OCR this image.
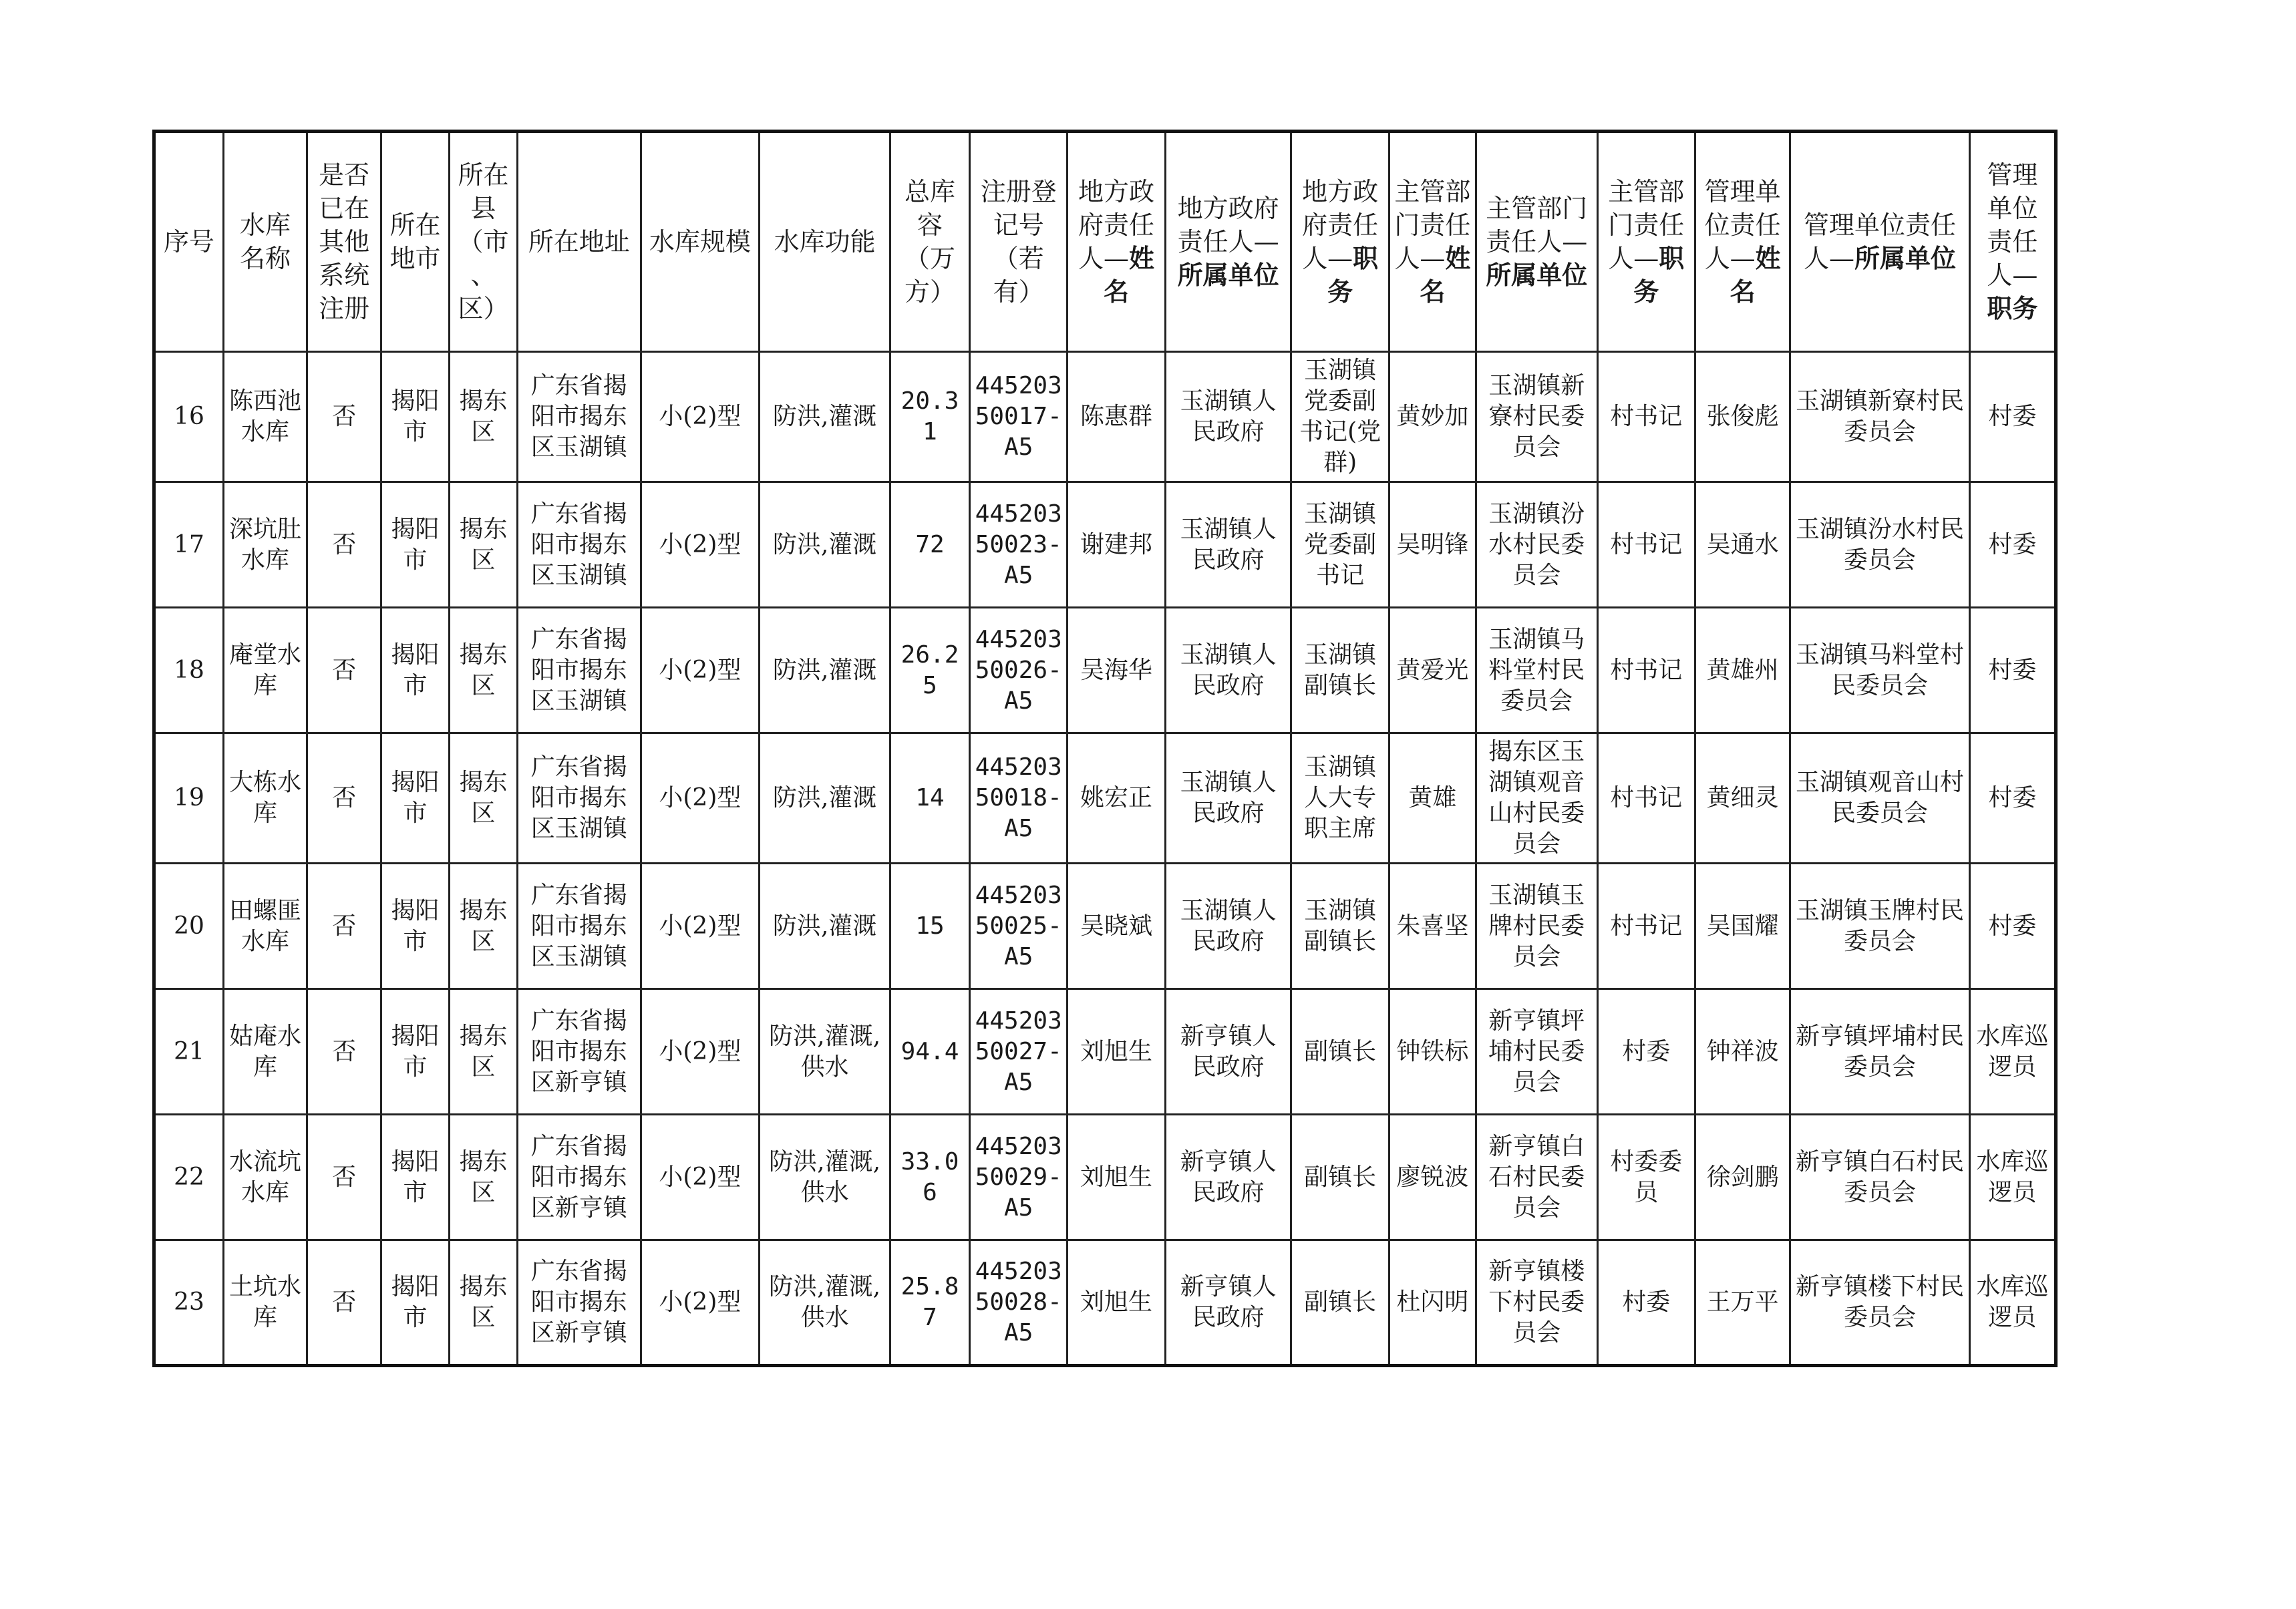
序号	水库名称	是否已在其他系统注册	所在地市	所在县（市、区）	所在地址	水库规模	水库功能	总库容（万方）	注册登记号（若有）	地方政府责任人—姓名	地方政府责任人—所属单位	地方政府责任人—职务	主管部门责任人—姓名	主管部门责任人—所属单位	主管部门责任人—职务	管理单位责任人—姓名	管理单位责任人—所属单位	管理单位责任人—职务
16	陈西池水库	否	揭阳市	揭东区	广东省揭阳市揭东区玉湖镇	小(2)型	防洪,灌溉	20.31	44520350017-A5	陈惠群	玉湖镇人民政府	玉湖镇党委副书记(党群)	黄妙加	玉湖镇新寮村民委员会	村书记	张俊彪	玉湖镇新寮村民委员会	村委
17	深坑肚水库	否	揭阳市	揭东区	广东省揭阳市揭东区玉湖镇	小(2)型	防洪,灌溉	72	44520350023-A5	谢建邦	玉湖镇人民政府	玉湖镇党委副书记	吴明锋	玉湖镇汾水村民委员会	村书记	吴通水	玉湖镇汾水村民委员会	村委
18	庵堂水库	否	揭阳市	揭东区	广东省揭阳市揭东区玉湖镇	小(2)型	防洪,灌溉	26.25	44520350026-A5	吴海华	玉湖镇人民政府	玉湖镇副镇长	黄爱光	玉湖镇马料堂村民委员会	村书记	黄雄州	玉湖镇马料堂村民委员会	村委
19	大栋水库	否	揭阳市	揭东区	广东省揭阳市揭东区玉湖镇	小(2)型	防洪,灌溉	14	44520350018-A5	姚宏正	玉湖镇人民政府	玉湖镇人大专职主席	黄雄	揭东区玉湖镇观音山村民委员会	村书记	黄细灵	玉湖镇观音山村民委员会	村委
20	田螺匪水库	否	揭阳市	揭东区	广东省揭阳市揭东区玉湖镇	小(2)型	防洪,灌溉	15	44520350025-A5	吴晓斌	玉湖镇人民政府	玉湖镇副镇长	朱喜坚	玉湖镇玉牌村民委员会	村书记	吴国耀	玉湖镇玉牌村民委员会	村委
21	姑庵水库	否	揭阳市	揭东区	广东省揭阳市揭东区新亨镇	小(2)型	防洪,灌溉,供水	94.4	44520350027-A5	刘旭生	新亨镇人民政府	副镇长	钟铁标	新亨镇坪埔村民委员会	村委	钟祥波	新亨镇坪埔村民委员会	水库巡逻员
22	水流坑水库	否	揭阳市	揭东区	广东省揭阳市揭东区新亨镇	小(2)型	防洪,灌溉,供水	33.06	44520350029-A5	刘旭生	新亨镇人民政府	副镇长	廖锐波	新亨镇白石村民委员会	村委委员	徐剑鹏	新亨镇白石村民委员会	水库巡逻员
23	土坑水库	否	揭阳市	揭东区	广东省揭阳市揭东区新亨镇	小(2)型	防洪,灌溉,供水	25.87	44520350028-A5	刘旭生	新亨镇人民政府	副镇长	杜闪明	新亨镇楼下村民委员会	村委	王万平	新亨镇楼下村民委员会	水库巡逻员
